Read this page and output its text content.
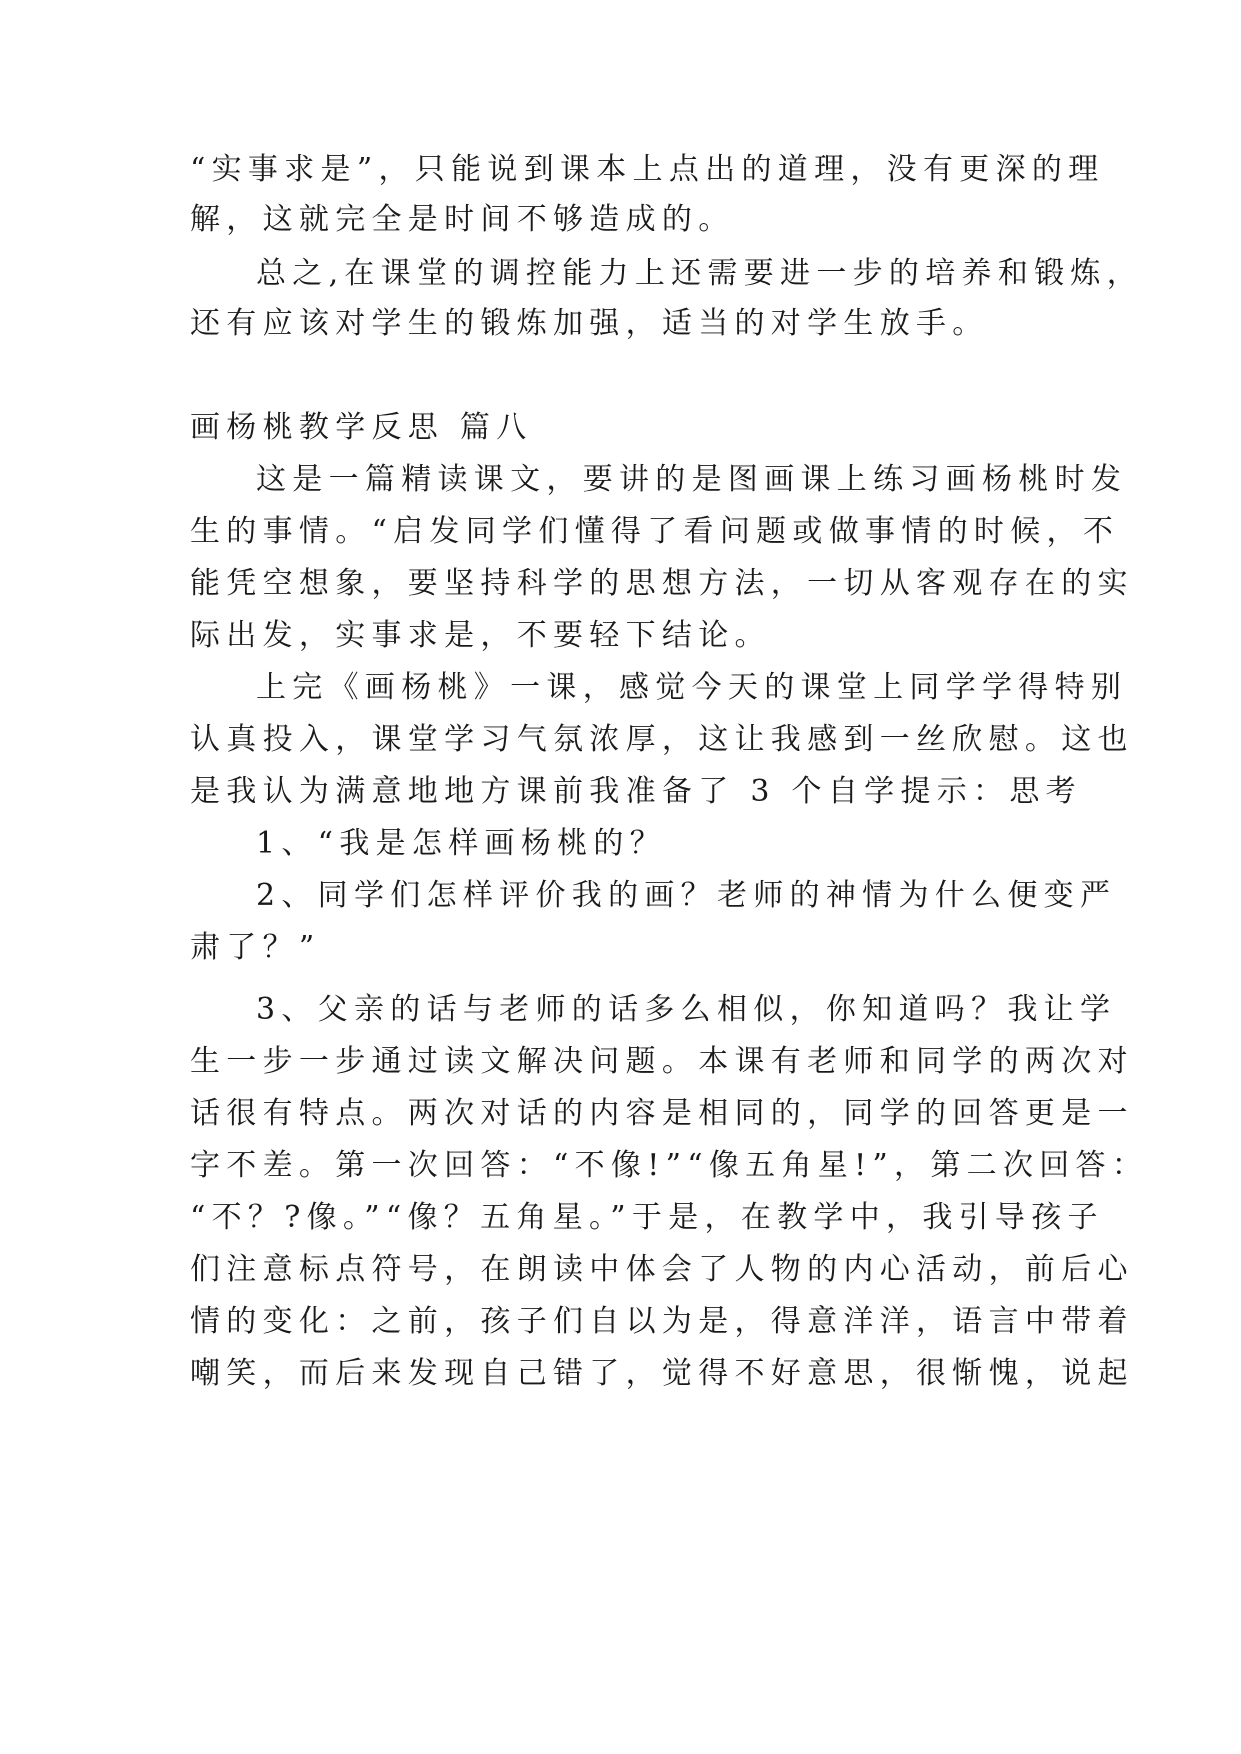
“实事求是”，只能说到课本上点出的道理，没有更深的理
解，这就完全是时间不够造成的。
总之,在课堂的调控能力上还需要进一步的培养和锻炼，
还有应该对学生的锻炼加强，适当的对学生放手。
画杨桃教学反思 篇八
这是一篇精读课文，要讲的是图画课上练习画杨桃时发
生的事情。“启发同学们懂得了看问题或做事情的时候，不
能凭空想象，要坚持科学的思想方法，一切从客观存在的实
际出发，实事求是，不要轻下结论。
上完《画杨桃》一课，感觉今天的课堂上同学学得特别
认真投入，课堂学习气氛浓厚，这让我感到一丝欣慰。这也
是我认为满意地地方课前我准备了 3 个自学提示：思考
1、“我是怎样画杨桃的？
2、同学们怎样评价我的画？老师的神情为什么便变严
肃了？”
3、父亲的话与老师的话多么相似，你知道吗？我让学
生一步一步通过读文解决问题。本课有老师和同学的两次对
话很有特点。两次对话的内容是相同的，同学的回答更是一
字不差。第一次回答：“不像!”“像五角星!”，第二次回答：
“不？?像。”“像？五角星。”于是，在教学中，我引导孩子
们注意标点符号，在朗读中体会了人物的内心活动，前后心
情的变化：之前，孩子们自以为是，得意洋洋，语言中带着
嘲笑，而后来发现自己错了，觉得不好意思，很惭愧，说起
